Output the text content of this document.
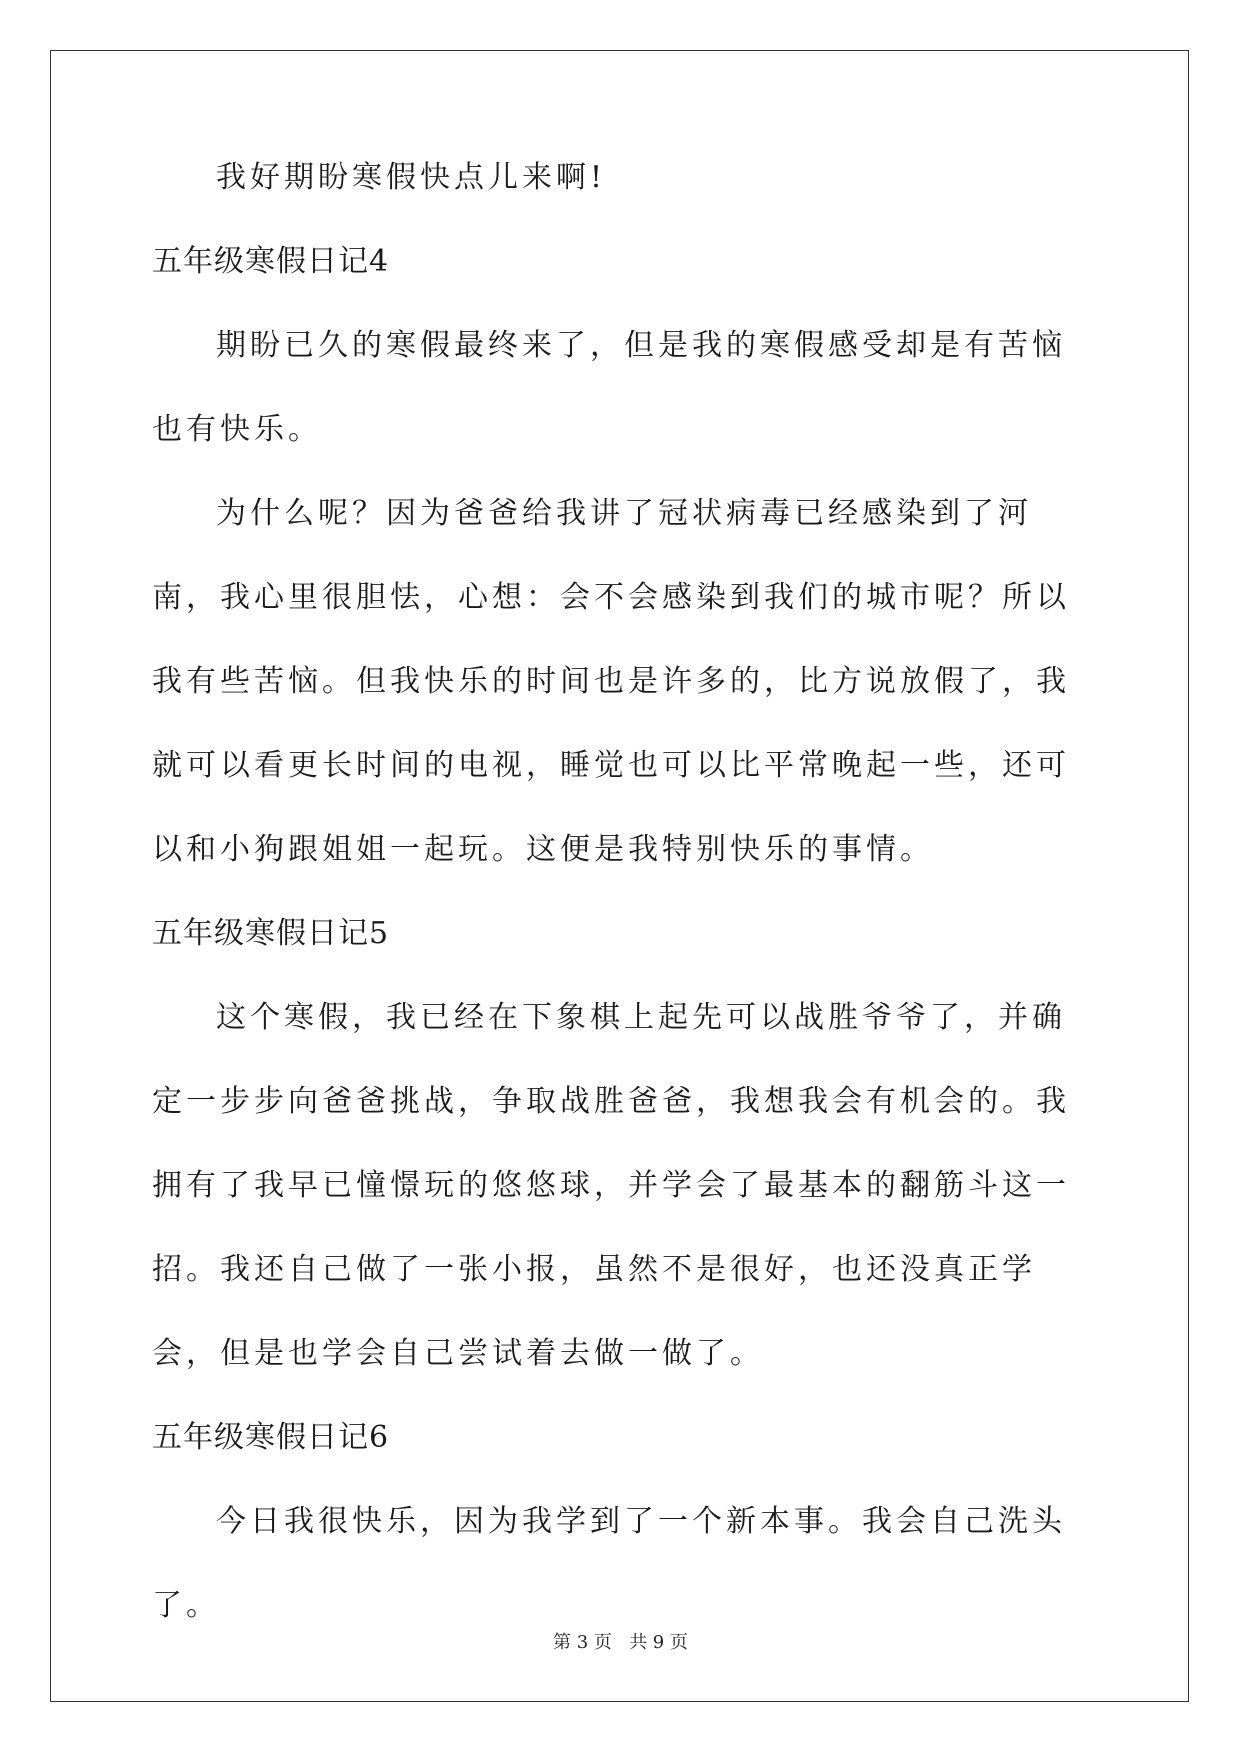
我好期盼寒假快点儿来啊!

五年级寒假日记4

期盼已久的寒假最终来了，但是我的寒假感受却是有苦恼也有快乐。

为什么呢？因为爸爸给我讲了冠状病毒已经感染到了河南，我心里很胆怯，心想：会不会感染到我们的城市呢？所以我有些苦恼。但我快乐的时间也是许多的，比方说放假了，我就可以看更长时间的电视，睡觉也可以比平常晚起一些，还可以和小狗跟姐姐一起玩。这便是我特别快乐的事情。

五年级寒假日记5

这个寒假，我已经在下象棋上起先可以战胜爷爷了，并确定一步步向爸爸挑战，争取战胜爸爸，我想我会有机会的。我拥有了我早已憧憬玩的悠悠球，并学会了最基本的翻筋斗这一招。我还自己做了一张小报，虽然不是很好，也还没真正学会，但是也学会自己尝试着去做一做了。

五年级寒假日记6

今日我很快乐，因为我学到了一个新本事。我会自己洗头了。

第 3 页 共 9 页
